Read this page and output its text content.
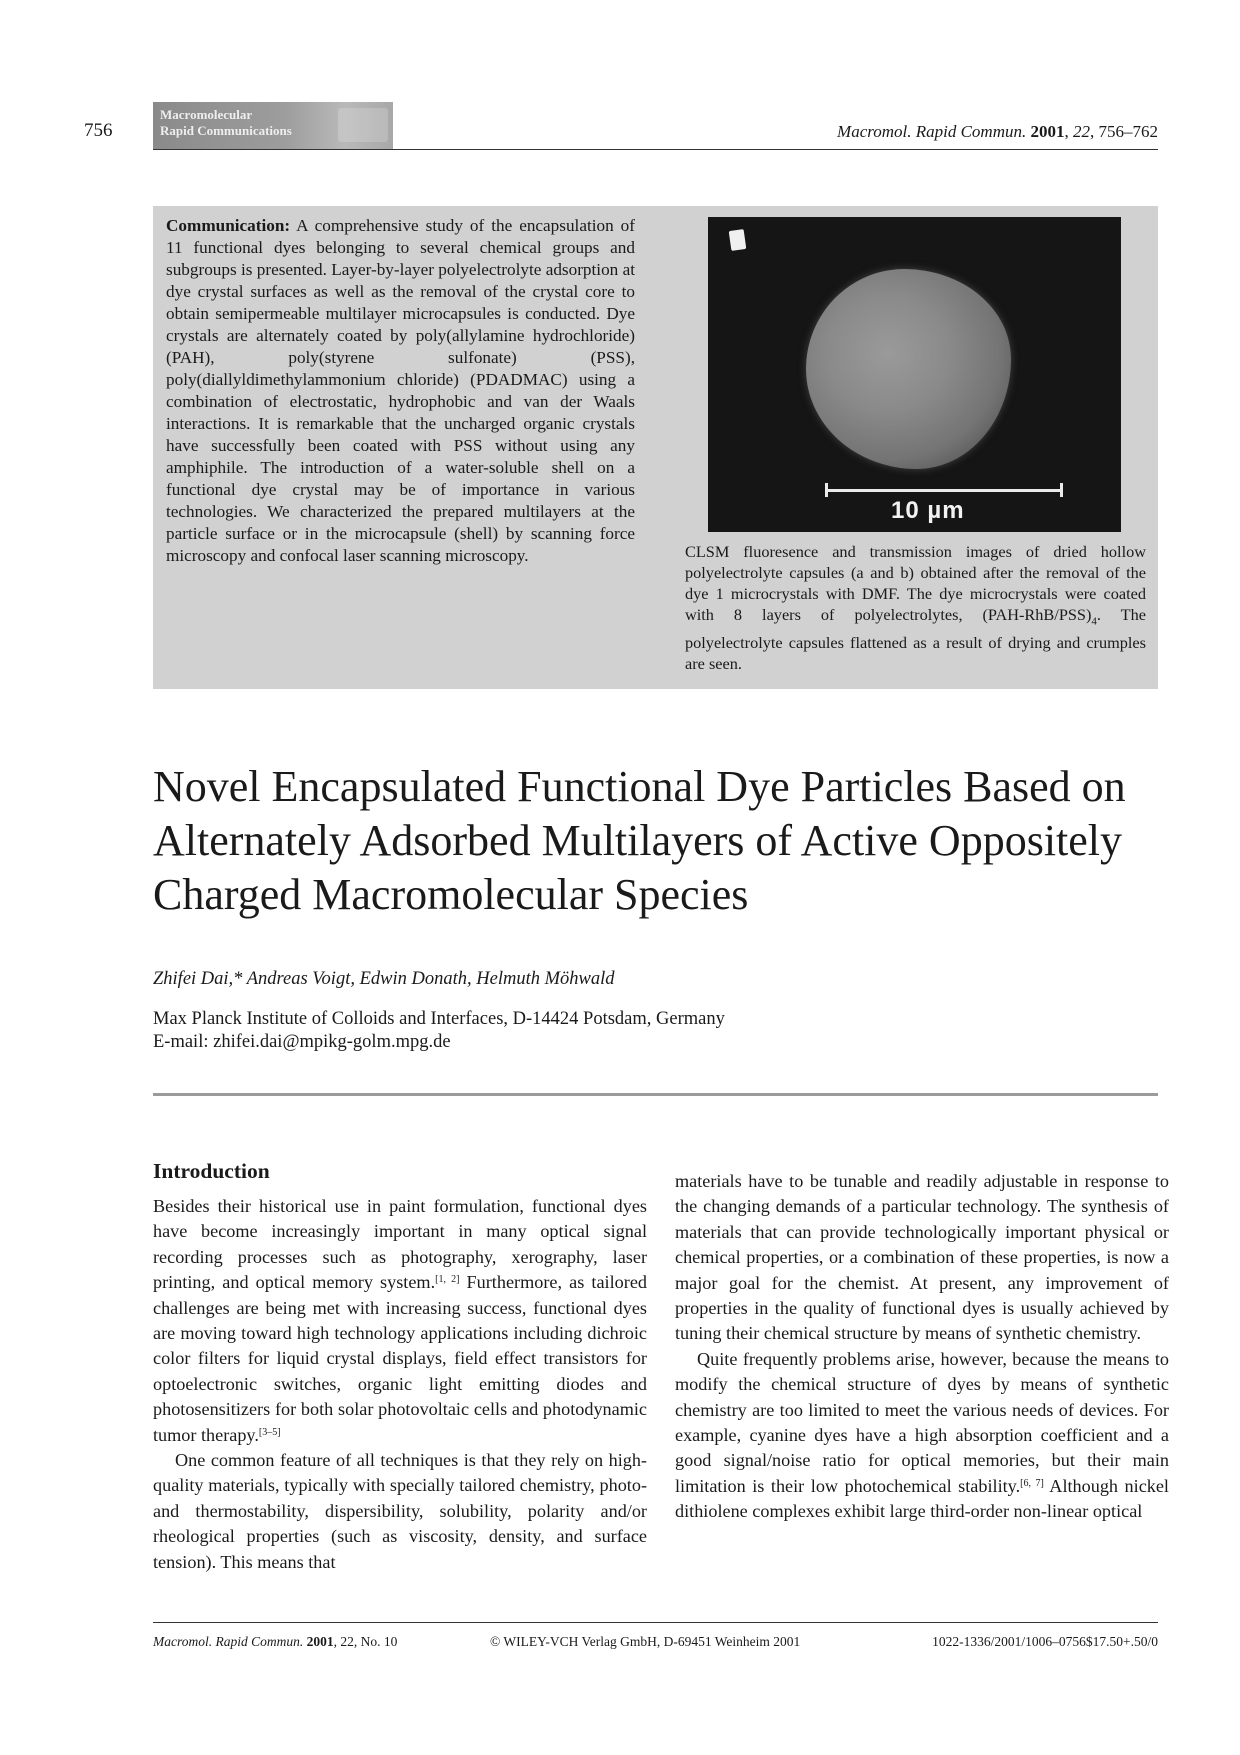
756
Macromolecular
Rapid Communications	Macromol. Rapid Commun. 2001, 22, 756–762
Communication: A comprehensive study of the encapsulation of 11 functional dyes belonging to several chemical groups and subgroups is presented. Layer-by-layer polyelectrolyte adsorption at dye crystal surfaces as well as the removal of the crystal core to obtain semipermeable multilayer microcapsules is conducted. Dye crystals are alternately coated by poly(allylamine hydrochloride) (PAH), poly(styrene sulfonate) (PSS), poly(diallyldimethylammonium chloride) (PDADMAC) using a combination of electrostatic, hydrophobic and van der Waals interactions. It is remarkable that the uncharged organic crystals have successfully been coated with PSS without using any amphiphile. The introduction of a water-soluble shell on a functional dye crystal may be of importance in various technologies. We characterized the prepared multilayers at the particle surface or in the microcapsule (shell) by scanning force microscopy and confocal laser scanning microscopy.
10 µm
CLSM fluoresence and transmission images of dried hollow polyelectrolyte capsules (a and b) obtained after the removal of the dye 1 microcrystals with DMF. The dye microcrystals were coated with 8 layers of polyelectrolytes, $(PAH-RhB/PSS)_4$. The polyelectrolyte capsules flattened as a result of drying and crumples are seen.
Novel Encapsulated Functional Dye Particles Based on Alternately Adsorbed Multilayers of Active Oppositely Charged Macromolecular Species
Zhifei Dai,* Andreas Voigt, Edwin Donath, Helmuth Möhwald
Max Planck Institute of Colloids and Interfaces, D-14424 Potsdam, Germany
E-mail: zhifei.dai@mpikg-golm.mpg.de
Introduction

Besides their historical use in paint formulation, functional dyes have become increasingly important in many optical signal recording processes such as photography, xerography, laser printing, and optical memory system.[1, 2] Furthermore, as tailored challenges are being met with increasing success, functional dyes are moving toward high technology applications including dichroic color filters for liquid crystal displays, field effect transistors for optoelectronic switches, organic light emitting diodes and photosensitizers for both solar photovoltaic cells and photodynamic tumor therapy.[3–5]

One common feature of all techniques is that they rely on high-quality materials, typically with specially tailored chemistry, photo- and thermostability, dispersibility, solubility, polarity and/or rheological properties (such as viscosity, density, and surface tension). This means that

materials have to be tunable and readily adjustable in response to the changing demands of a particular technology. The synthesis of materials that can provide technologically important physical or chemical properties, or a combination of these properties, is now a major goal for the chemist. At present, any improvement of properties in the quality of functional dyes is usually achieved by tuning their chemical structure by means of synthetic chemistry.

Quite frequently problems arise, however, because the means to modify the chemical structure of dyes by means of synthetic chemistry are too limited to meet the various needs of devices. For example, cyanine dyes have a high absorption coefficient and a good signal/noise ratio for optical memories, but their main limitation is their low photochemical stability.[6, 7] Although nickel dithiolene complexes exhibit large third-order non-linear optical

Macromol. Rapid Commun. 2001, 22, No. 10	© WILEY-VCH Verlag GmbH, D-69451 Weinheim 2001	1022-1336/2001/1006–0756$17.50+.50/0
